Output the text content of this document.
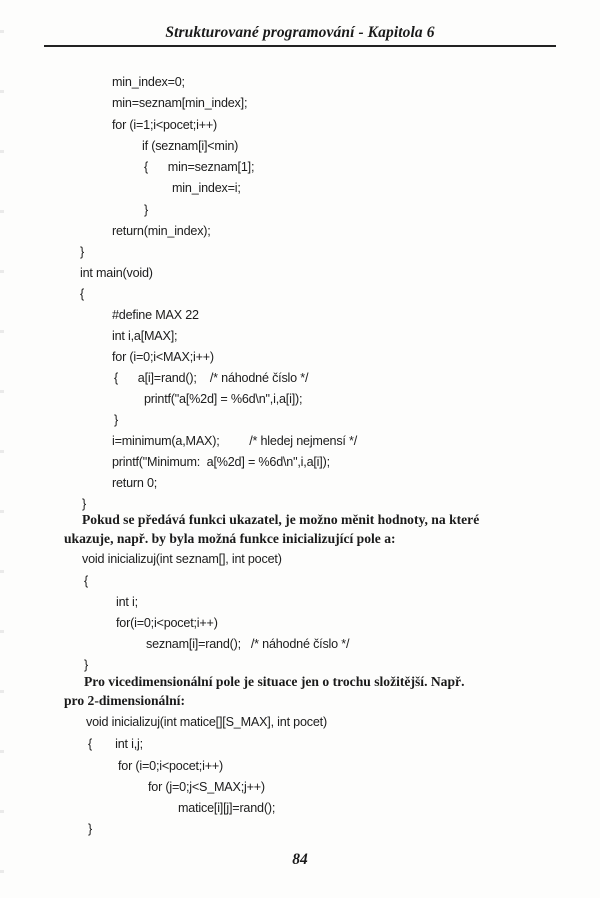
Strukturované programování - Kapitola 6
min_index=0;
min=seznam[min_index];
for (i=1;i<pocet;i++)
if (seznam[i]<min)
{      min=seznam[1];
min_index=i;
}
return(min_index);
}
int main(void)
{
#define MAX 22
int i,a[MAX];
for (i=0;i<MAX;i++)
{      a[i]=rand();    /* náhodné číslo */
printf("a[%2d] = %6d\n",i,a[i]);
}
i=minimum(a,MAX);         /* hledej nejmensí */
printf("Minimum:  a[%2d] = %6d\n",i,a[i]);
return 0;
}
Pokud se předává funkci ukazatel, je možno měnit hodnoty, na které
ukazuje, např. by byla možná funkce inicializující pole a:
void inicializuj(int seznam[], int pocet)
{
int i;
for(i=0;i<pocet;i++)
seznam[i]=rand();   /* náhodné číslo */
}
Pro vicedimensionální pole je situace jen o trochu složitější. Např.
pro 2-dimensionální:
void inicializuj(int matice[][S_MAX], int pocet)
{       int i,j;
for (i=0;i<pocet;i++)
for (j=0;j<S_MAX;j++)
matice[i][j]=rand();
}
84
